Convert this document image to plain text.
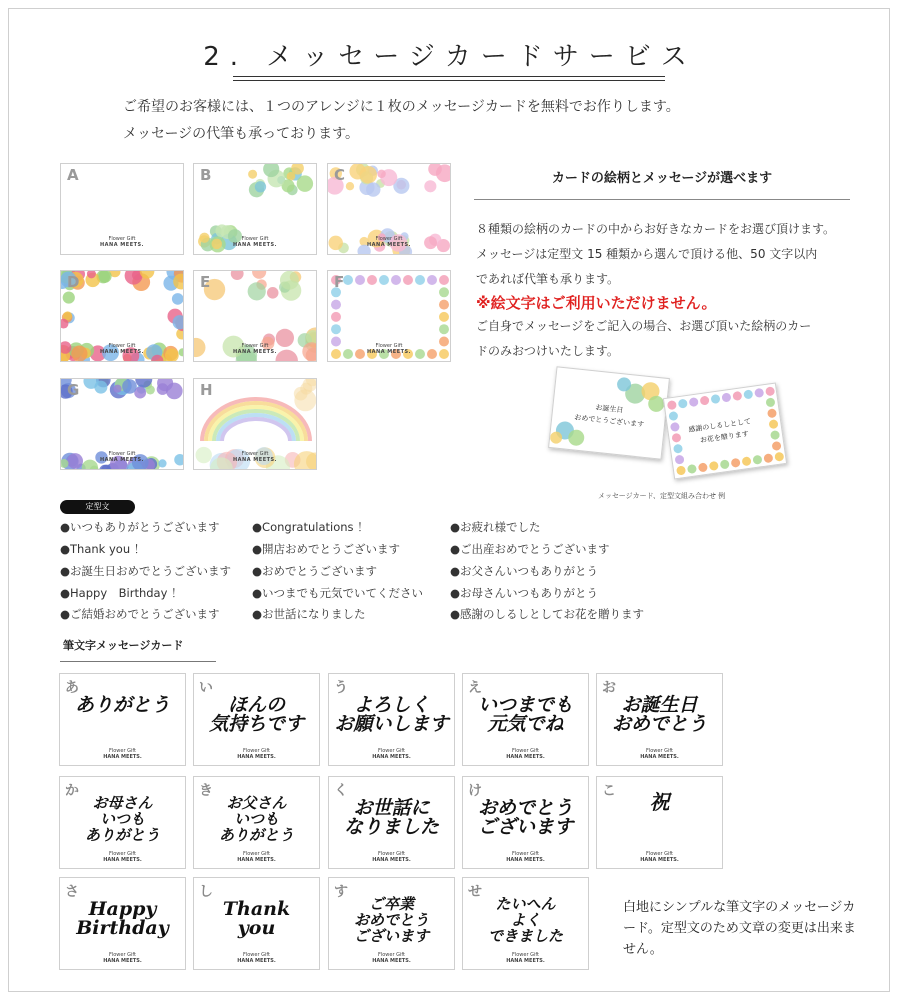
2. メッセージカードサービス
ご希望のお客様には、１つのアレンジに１枚のメッセージカードを無料でお作りします。
メッセージの代筆も承っております。
A
Flower Gift
HANA MEETS.
B
Flower Gift
HANA MEETS.
C
Flower Gift
HANA MEETS.
D
Flower Gift
HANA MEETS.
E
Flower Gift
HANA MEETS.
F
Flower Gift
HANA MEETS.
G
Flower Gift
HANA MEETS.
H
Flower Gift
HANA MEETS.
カードの絵柄とメッセージが選べます
８種類の絵柄のカードの中からお好きなカードをお選び頂けます。
メッセージは定型文 15 種類から選んで頂ける他、50 文字以内
であれば代筆も承ります。
※絵文字はご利用いただけません。
ご自身でメッセージをご記入の場合、お選び頂いた絵柄のカー
ドのみおつけいたします。
お誕生日
おめでとうございます	感謝のしるしとして
お花を贈ります
メッセージカード、定型文組み合わせ 例
定型文
●いつもありがとうございます
●Thank you ！
●お誕生日おめでとうございます
●Happy　Birthday ！
●ご結婚おめでとうございます
●Congratulations ！
●開店おめでとうございます
●おめでとうございます
●いつまでも元気でいてください
●お世話になりました
●お疲れ様でした
●ご出産おめでとうございます
●お父さんいつもありがとう
●お母さんいつもありがとう
●感謝のしるしとしてお花を贈ります
筆文字メッセージカード
あ
ありがとう
Flower Gift
HANA MEETS.
い
ほんの
気持ちです
Flower Gift
HANA MEETS.
う
よろしく
お願いします
Flower Gift
HANA MEETS.
え
いつまでも
元気でね
Flower Gift
HANA MEETS.
お
お誕生日
おめでとう
Flower Gift
HANA MEETS.
か
お母さん
いつも
ありがとう
Flower Gift
HANA MEETS.
き
お父さん
いつも
ありがとう
Flower Gift
HANA MEETS.
く
お世話に
なりました
Flower Gift
HANA MEETS.
け
おめでとう
ございます
Flower Gift
HANA MEETS.
こ	祝
Flower Gift
HANA MEETS.
さ
Happy
Birthday
Flower Gift
HANA MEETS.
し
Thank
you
Flower Gift
HANA MEETS.
す
ご卒業
おめでとう
ございます
Flower Gift
HANA MEETS.
せ
たいへん
よく
できました
Flower Gift
HANA MEETS.
白地にシンプルな筆文字のメッセージカード。定型文のため文章の変更は出来ません。
